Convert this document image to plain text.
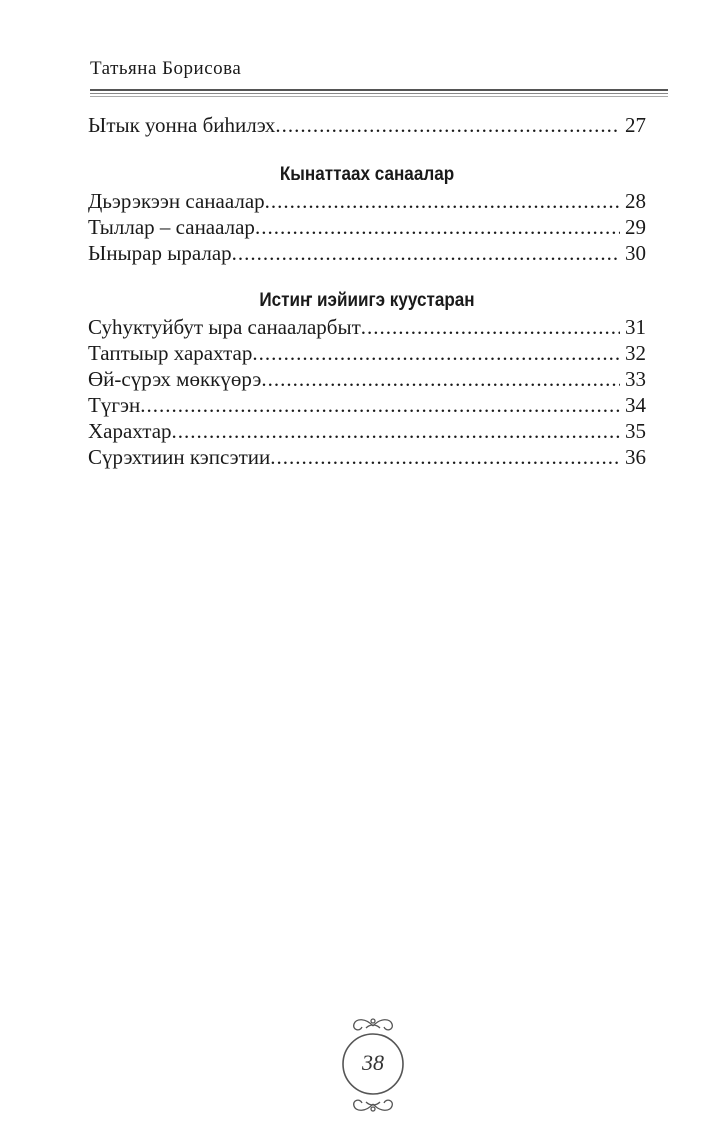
Татьяна Борисова
Ытык уонна биһилэх .....	27
Кынаттаах санаалар
Дьэрэкээн санаалар .....	28
Тыллар – санаалар .....	29
Ынырар ыралар .....	30
Истиҥ иэйиигэ куустаран
Суһуктуйбут ыра санааларбыт .....	31
Таптыыр харахтар .....	32
Өй-сүрэх мөккүөрэ .....	33
Түгэн .....	34
Харахтар .....	35
Сүрэхтиин кэпсэтии .....	36
38
